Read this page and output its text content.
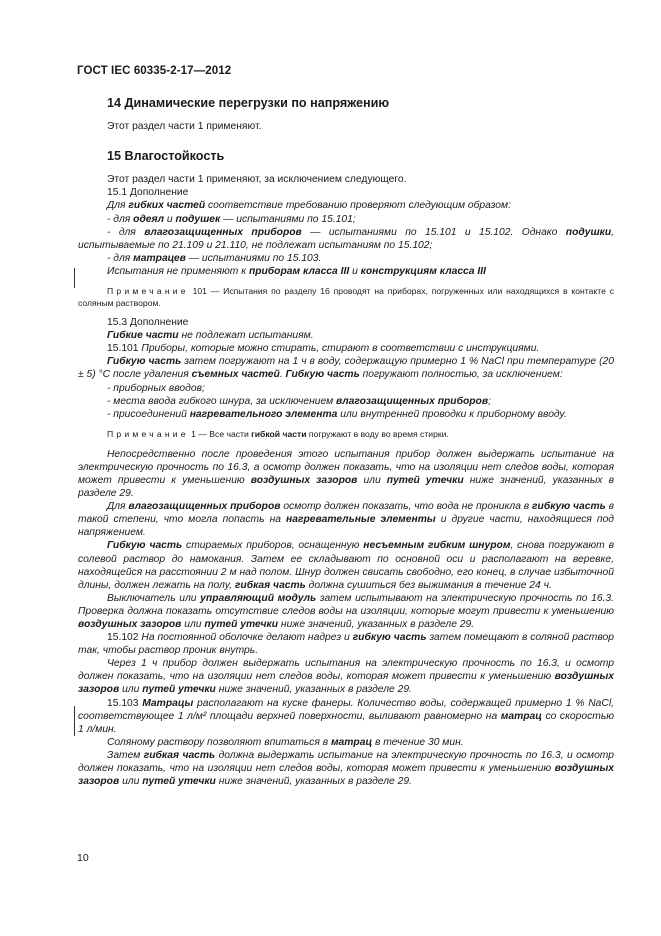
ГОСТ IEC 60335-2-17—2012

14 Динамические перегрузки по напряжению

Этот раздел части 1 применяют.

15 Влагостойкость

Этот раздел части 1 применяют, за исключением следующего.

15.1 Дополнение

Для гибких частей соответствие требованию проверяют следующим образом:

- для одеял и подушек — испытаниями по 15.101;

- для влагозащищенных приборов — испытаниями по 15.101 и 15.102. Однако подушки, испытываемые по 21.109 и 21.110, не подлежат испытаниям по 15.102;

- для матрацев — испытаниями по 15.103.

Испытания не применяют к приборам класса III и конструкциям класса III

Примечание 101 — Испытания по разделу 16 проводят на приборах, погруженных или находящихся в контакте с соляным раствором.

15.3 Дополнение

Гибкие части не подлежат испытаниям.

15.101 Приборы, которые можно стирать, стирают в соответствии с инструкциями.

Гибкую часть затем погружают на 1 ч в воду, содержащую примерно 1 % NaCl при температуре (20 ± 5) °С после удаления съемных частей. Гибкую часть погружают полностью, за исключением:

- приборных вводов;

- места ввода гибкого шнура, за исключением влагозащищенных приборов;

- присоединений нагревательного элемента или внутренней проводки к приборному вводу.

Примечание 1 — Все части гибкой части погружают в воду во время стирки.

Непосредственно после проведения этого испытания прибор должен выдержать испытание на электрическую прочность по 16.3, а осмотр должен показать, что на изоляции нет следов воды, которая может привести к уменьшению воздушных зазоров или путей утечки ниже значений, указанных в разделе 29.

Для влагозащищенных приборов осмотр должен показать, что вода не проникла в гибкую часть в такой степени, что могла попасть на нагревательные элементы и другие части, находящиеся под напряжением.

Гибкую часть стираемых приборов, оснащенную несъемным гибким шнуром, снова погружают в солевой раствор до намокания. Затем ее складывают по основной оси и располагают на веревке, находящейся на расстоянии 2 м над полом. Шнур должен свисать свободно, его конец, в случае избыточной длины, должен лежать на полу, гибкая часть должна сушиться без выжимания в течение 24 ч.

Выключатель или управляющий модуль затем испытывают на электрическую прочность по 16.3. Проверка должна показать отсутствие следов воды на изоляции, которые могут привести к уменьшению воздушных зазоров или путей утечки ниже значений, указанных в разделе 29.

15.102 На постоянной оболочке делают надрез и гибкую часть затем помещают в соляной раствор так, чтобы раствор проник внутрь.

Через 1 ч прибор должен выдержать испытания на электрическую прочность по 16.3, и осмотр должен показать, что на изоляции нет следов воды, которая может привести к уменьшению воздушных зазоров или путей утечки ниже значений, указанных в разделе 29.

15.103 Матрацы располагают на куске фанеры. Количество воды, содержащей примерно 1 % NaCl, соответствующее 1 л/м² площади верхней поверхности, выливают равномерно на матрац со скоростью 1 л/мин.

Соляному раствору позволяют впитаться в матрац в течение 30 мин.

Затем гибкая часть должна выдержать испытание на электрическую прочность по 16.3, и осмотр должен показать, что на изоляции нет следов воды, которая может привести к уменьшению воздушных зазоров или путей утечки ниже значений, указанных в разделе 29.

10
